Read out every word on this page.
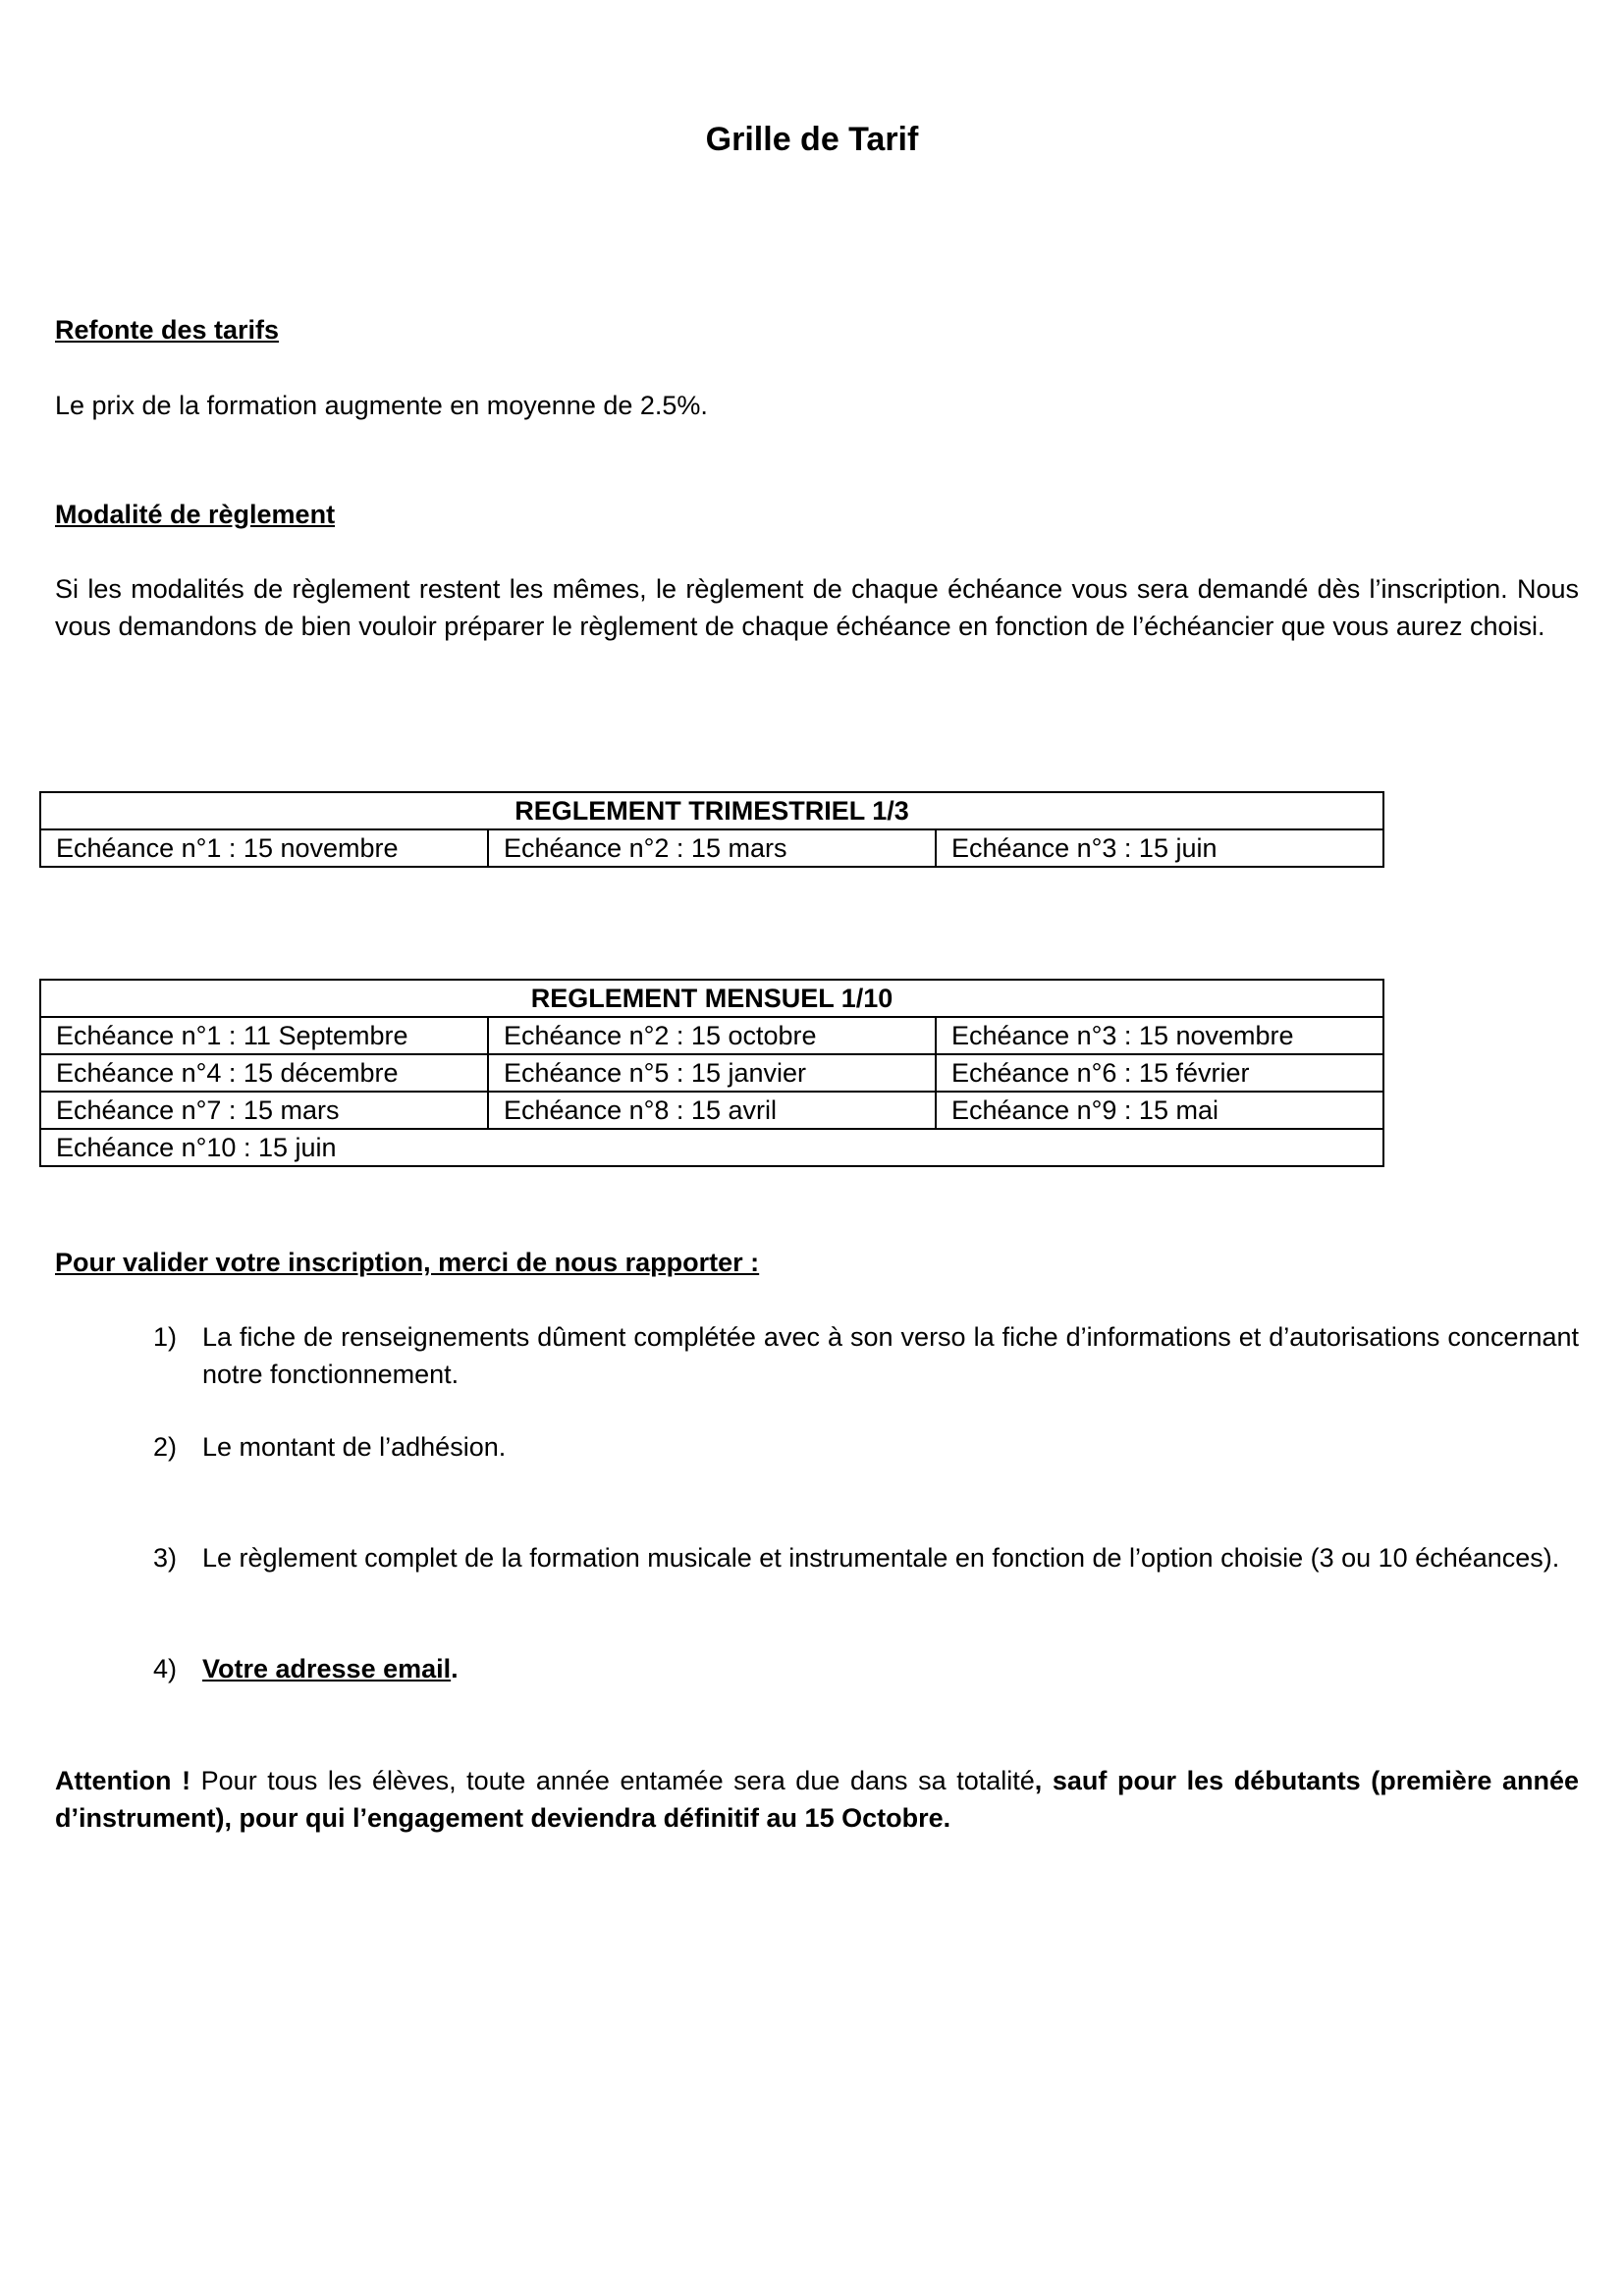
Grille de Tarif
Refonte des tarifs
Le prix de la formation augmente en moyenne de 2.5%.
Modalité de règlement
Si les modalités de règlement restent les mêmes, le règlement de chaque échéance vous sera demandé dès l’inscription. Nous vous demandons de bien vouloir préparer le règlement de chaque échéance en fonction de l’échéancier que vous aurez choisi.
REGLEMENT TRIMESTRIEL 1/3
Echéance n°1 : 15 novembre	Echéance n°2 : 15 mars	Echéance n°3 : 15 juin
REGLEMENT MENSUEL 1/10		
Echéance n°1 : 11 Septembre	Echéance n°2 : 15 octobre	Echéance n°3 : 15 novembre
Echéance n°4 : 15 décembre	Echéance n°5 : 15 janvier	Echéance n°6 : 15 février
Echéance n°7 : 15 mars	Echéance n°8 : 15 avril	Echéance n°9 : 15 mai
Echéance n°10 : 15 juin		
Pour valider votre inscription, merci de nous rapporter :
1) La fiche de renseignements dûment complétée avec à son verso la fiche d’informations et d’autorisations concernant notre fonctionnement.
2) Le montant de l’adhésion.
3) Le règlement complet de la formation musicale et instrumentale en fonction de l’option choisie (3 ou 10 échéances).
4) Votre adresse email.
Attention ! Pour tous les élèves, toute année entamée sera due dans sa totalité, sauf pour les débutants (première année d’instrument), pour qui l’engagement deviendra définitif au 15 Octobre.
